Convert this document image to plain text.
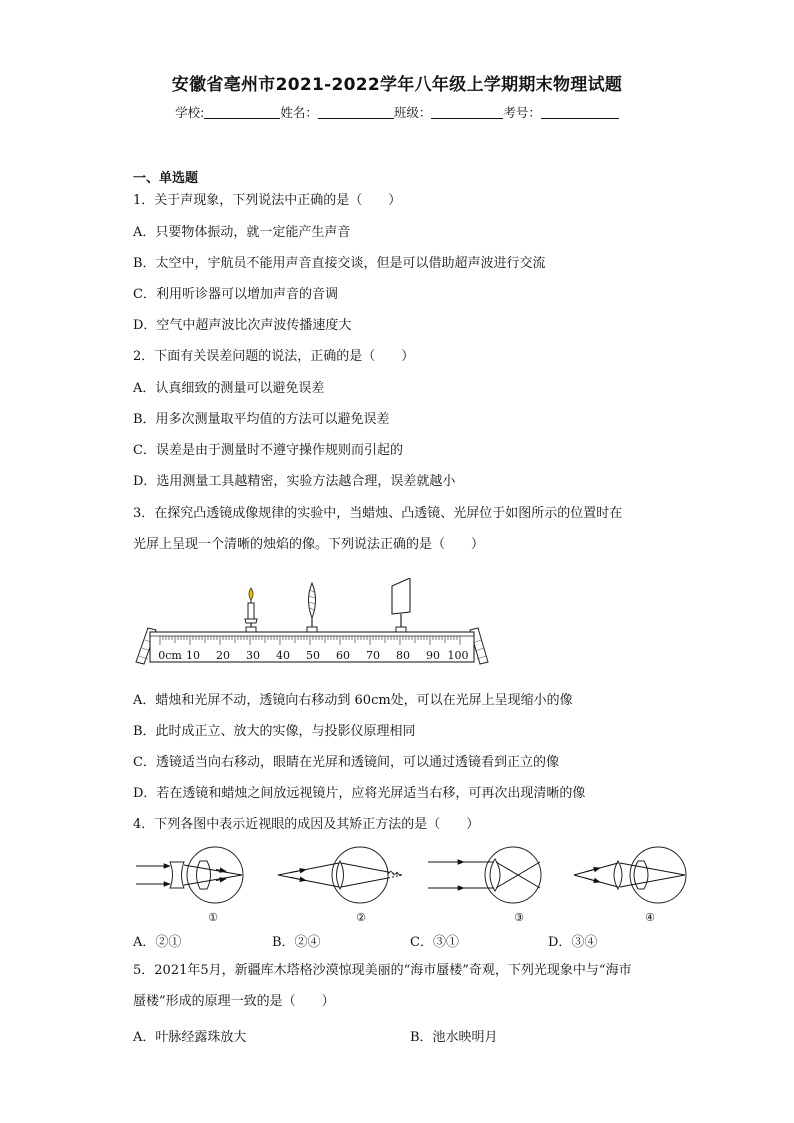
安徽省亳州市2021-2022学年八年级上学期期末物理试题
学校:	姓名：	班级：	考号：
一、单选题
1．关于声现象，下列说法中正确的是（　　）
A．只要物体振动，就一定能产生声音
B．太空中，宇航员不能用声音直接交谈，但是可以借助超声波进行交流
C．利用听诊器可以增加声音的音调
D．空气中超声波比次声波传播速度大
2．下面有关误差问题的说法，正确的是（　　）
A．认真细致的测量可以避免误差
B．用多次测量取平均值的方法可以避免误差
C．误差是由于测量时不遵守操作规则而引起的
D．选用测量工具越精密，实验方法越合理，误差就越小
3．在探究凸透镜成像规律的实验中，当蜡烛、凸透镜、光屏位于如图所示的位置时在
光屏上呈现一个清晰的烛焰的像。下列说法正确的是（　　）
0cm 10 20 30 40 50 60 70 80 90 100
A．蜡烛和光屏不动，透镜向右移动到 60cm处，可以在光屏上呈现缩小的像
B．此时成正立、放大的实像，与投影仪原理相同
C．透镜适当向右移动，眼睛在光屏和透镜间，可以通过透镜看到正立的像
D．若在透镜和蜡烛之间放远视镜片，应将光屏适当右移，可再次出现清晰的像
4．下列各图中表示近视眼的成因及其矫正方法的是（　　）
①	②	③	④
A．②①	B．②④	C．③①	D．③④
5．2021年5月，新疆库木塔格沙漠惊现美丽的“海市蜃楼”奇观，下列光现象中与“海市
蜃楼”形成的原理一致的是（　　）
A．叶脉经露珠放大	B．池水映明月
